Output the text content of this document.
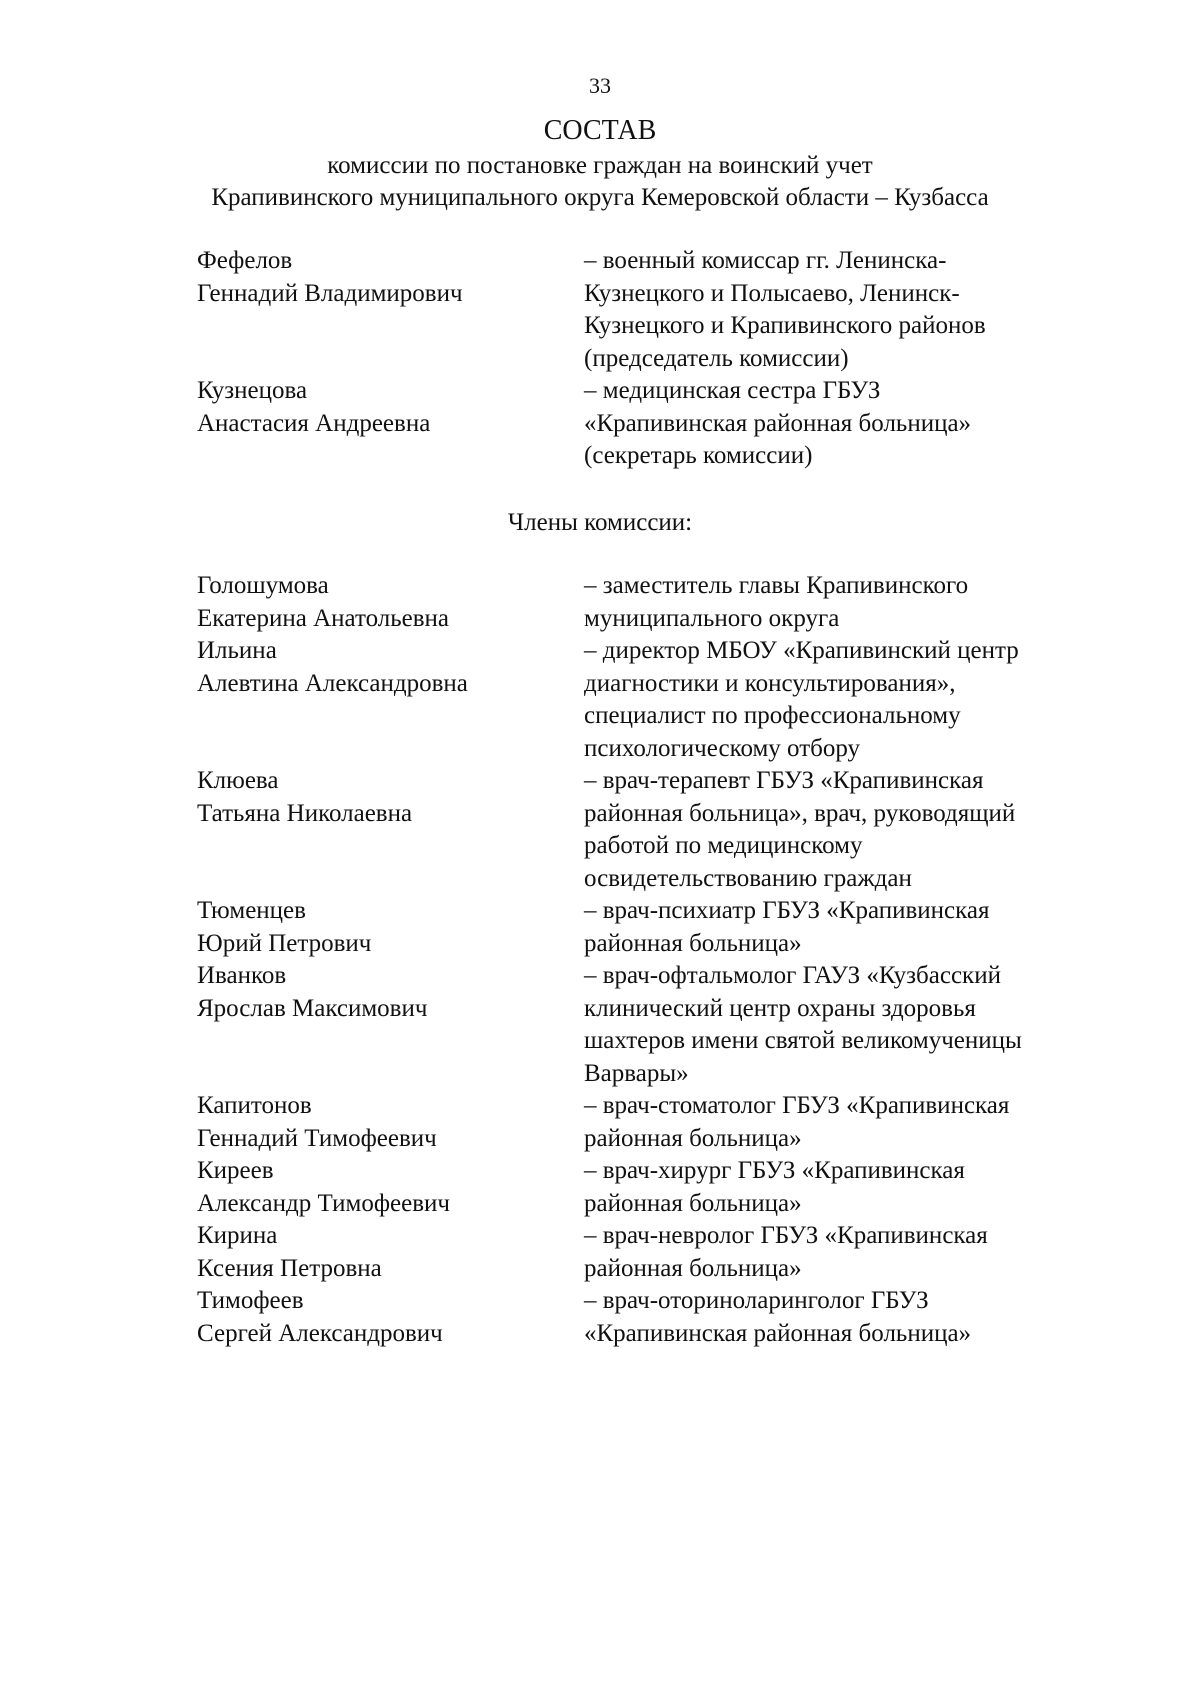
33
СОСТАВ
комиссии по постановке граждан на воинский учет
Крапивинского муниципального округа Кемеровской области – Кузбасса
Фефелов
Геннадий Владимирович
– военный комиссар гг. Ленинска-
Кузнецкого и Полысаево, Ленинск-
Кузнецкого и Крапивинского районов
(председатель комиссии)
Кузнецова
Анастасия Андреевна
– медицинская сестра ГБУЗ
«Крапивинская районная больница»
(секретарь комиссии)
Члены комиссии:
Голошумова
Екатерина Анатольевна
– заместитель главы Крапивинского
муниципального округа
Ильина
Алевтина Александровна
– директор МБОУ «Крапивинский центр
диагностики и консультирования»,
специалист по профессиональному
психологическому отбору
Клюева
Татьяна Николаевна
– врач-терапевт ГБУЗ «Крапивинская
районная больница», врач, руководящий
работой по медицинскому
освидетельствованию граждан
Тюменцев
Юрий Петрович
– врач-психиатр ГБУЗ «Крапивинская
районная больница»
Иванков
Ярослав Максимович
– врач-офтальмолог ГАУЗ «Кузбасский
клинический центр охраны здоровья
шахтеров имени святой великомученицы
Варвары»
Капитонов
Геннадий Тимофеевич
– врач-стоматолог ГБУЗ «Крапивинская
районная больница»
Киреев
Александр Тимофеевич
– врач-хирург ГБУЗ «Крапивинская
районная больница»
Кирина
Ксения Петровна
– врач-невролог ГБУЗ «Крапивинская
районная больница»
Тимофеев
Сергей Александрович
– врач-оториноларинголог ГБУЗ
«Крапивинская районная больница»
